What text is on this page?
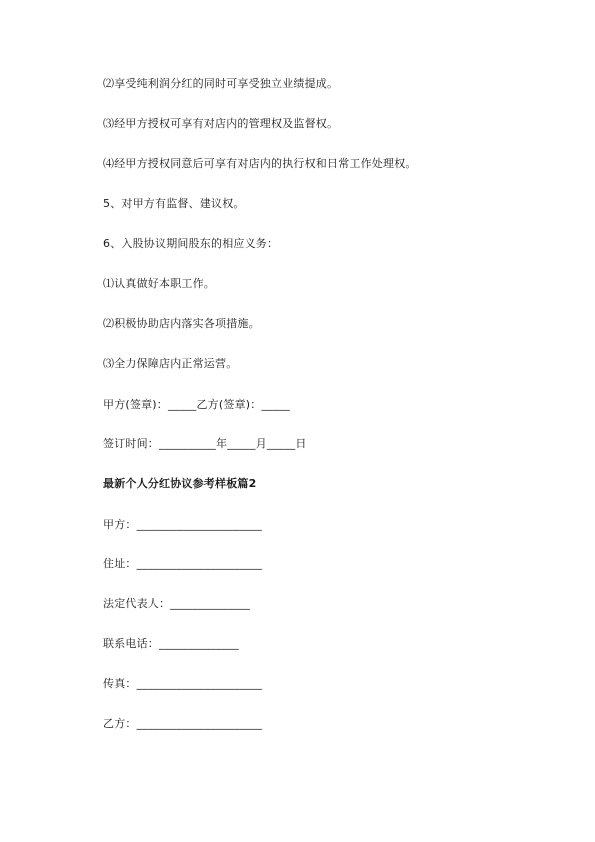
⑵享受纯利润分红的同时可享受独立业绩提成。
⑶经甲方授权可享有对店内的管理权及监督权。
⑷经甲方授权同意后可享有对店内的执行权和日常工作处理权。
5、对甲方有监督、建议权。
6、入股协议期间股东的相应义务：
⑴认真做好本职工作。
⑵积极协助店内落实各项措施。
⑶全力保障店内正常运营。
甲方(签章)：_____乙方(签章)：_____
签订时间：__________年_____月_____日
最新个人分红协议参考样板篇2
甲方：______________________
住址：______________________
法定代表人：______________
联系电话：______________
传真：______________________
乙方：______________________
